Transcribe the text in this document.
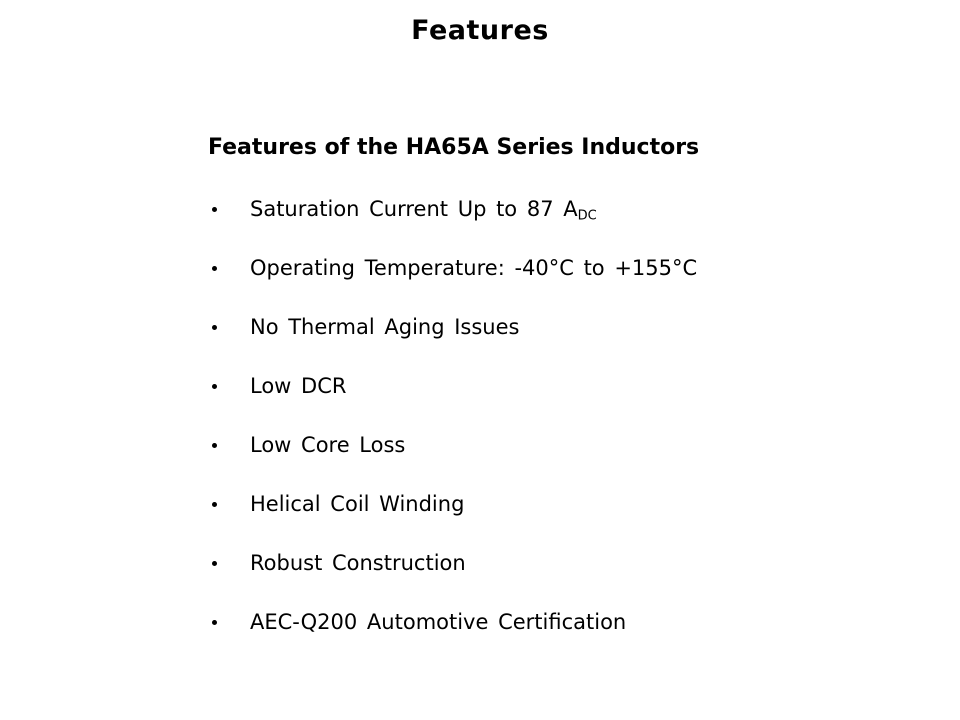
Features
Features of the HA65A Series Inductors
Saturation Current Up to 87 $A_{DC}$
Operating Temperature: -40°C to +155°C
No Thermal Aging Issues
Low DCR
Low Core Loss
Helical Coil Winding
Robust Construction
AEC-Q200 Automotive Certification
